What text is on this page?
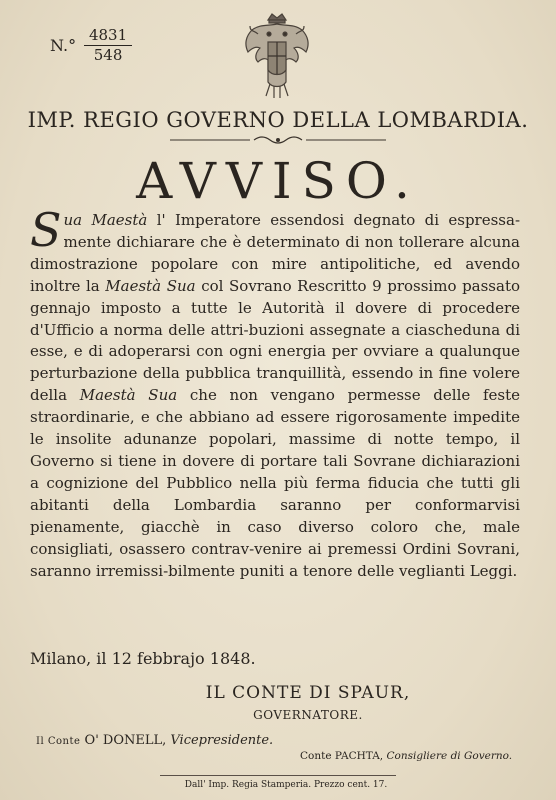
$N.^\circ \frac{4831}{548}$
IMP. REGIO GOVERNO DELLA LOMBARDIA.
AVVISO.
Sua Maestà l' Imperatore essendosi degnato di espressa-mente dichiarare che è determinato di non tollerare alcuna dimostrazione popolare con mire antipolitiche, ed avendo inoltre la Maestà Sua col Sovrano Rescritto 9 prossimo passato gennajo imposto a tutte le Autorità il dovere di procedere d'Ufficio a norma delle attri-buzioni assegnate a ciascheduna di esse, e di adoperarsi con ogni energia per ovviare a qualunque perturbazione della pubblica tranquillità, essendo in fine volere della Maestà Sua che non vengano permesse delle feste straordinarie, e che abbiano ad essere rigorosamente impedite le insolite adunanze popolari, massime di notte tempo, il Governo si tiene in dovere di portare tali Sovrane dichiarazioni a cognizione del Pubblico nella più ferma fiducia che tutti gli abitanti della Lombardia saranno per conformarvisi pienamente, giacchè in caso diverso coloro che, male consigliati, osassero contrav-venire ai premessi Ordini Sovrani, saranno irremissi-bilmente puniti a tenore delle veglianti Leggi.
Milano, il 12 febbrajo 1848.
IL CONTE DI SPAUR,
GOVERNATORE.
Il Conte O' DONELL, Vicepresidente.
Conte PACHTA, Consigliere di Governo.
Dall' Imp. Regia Stamperia. Prezzo cent. 17.
